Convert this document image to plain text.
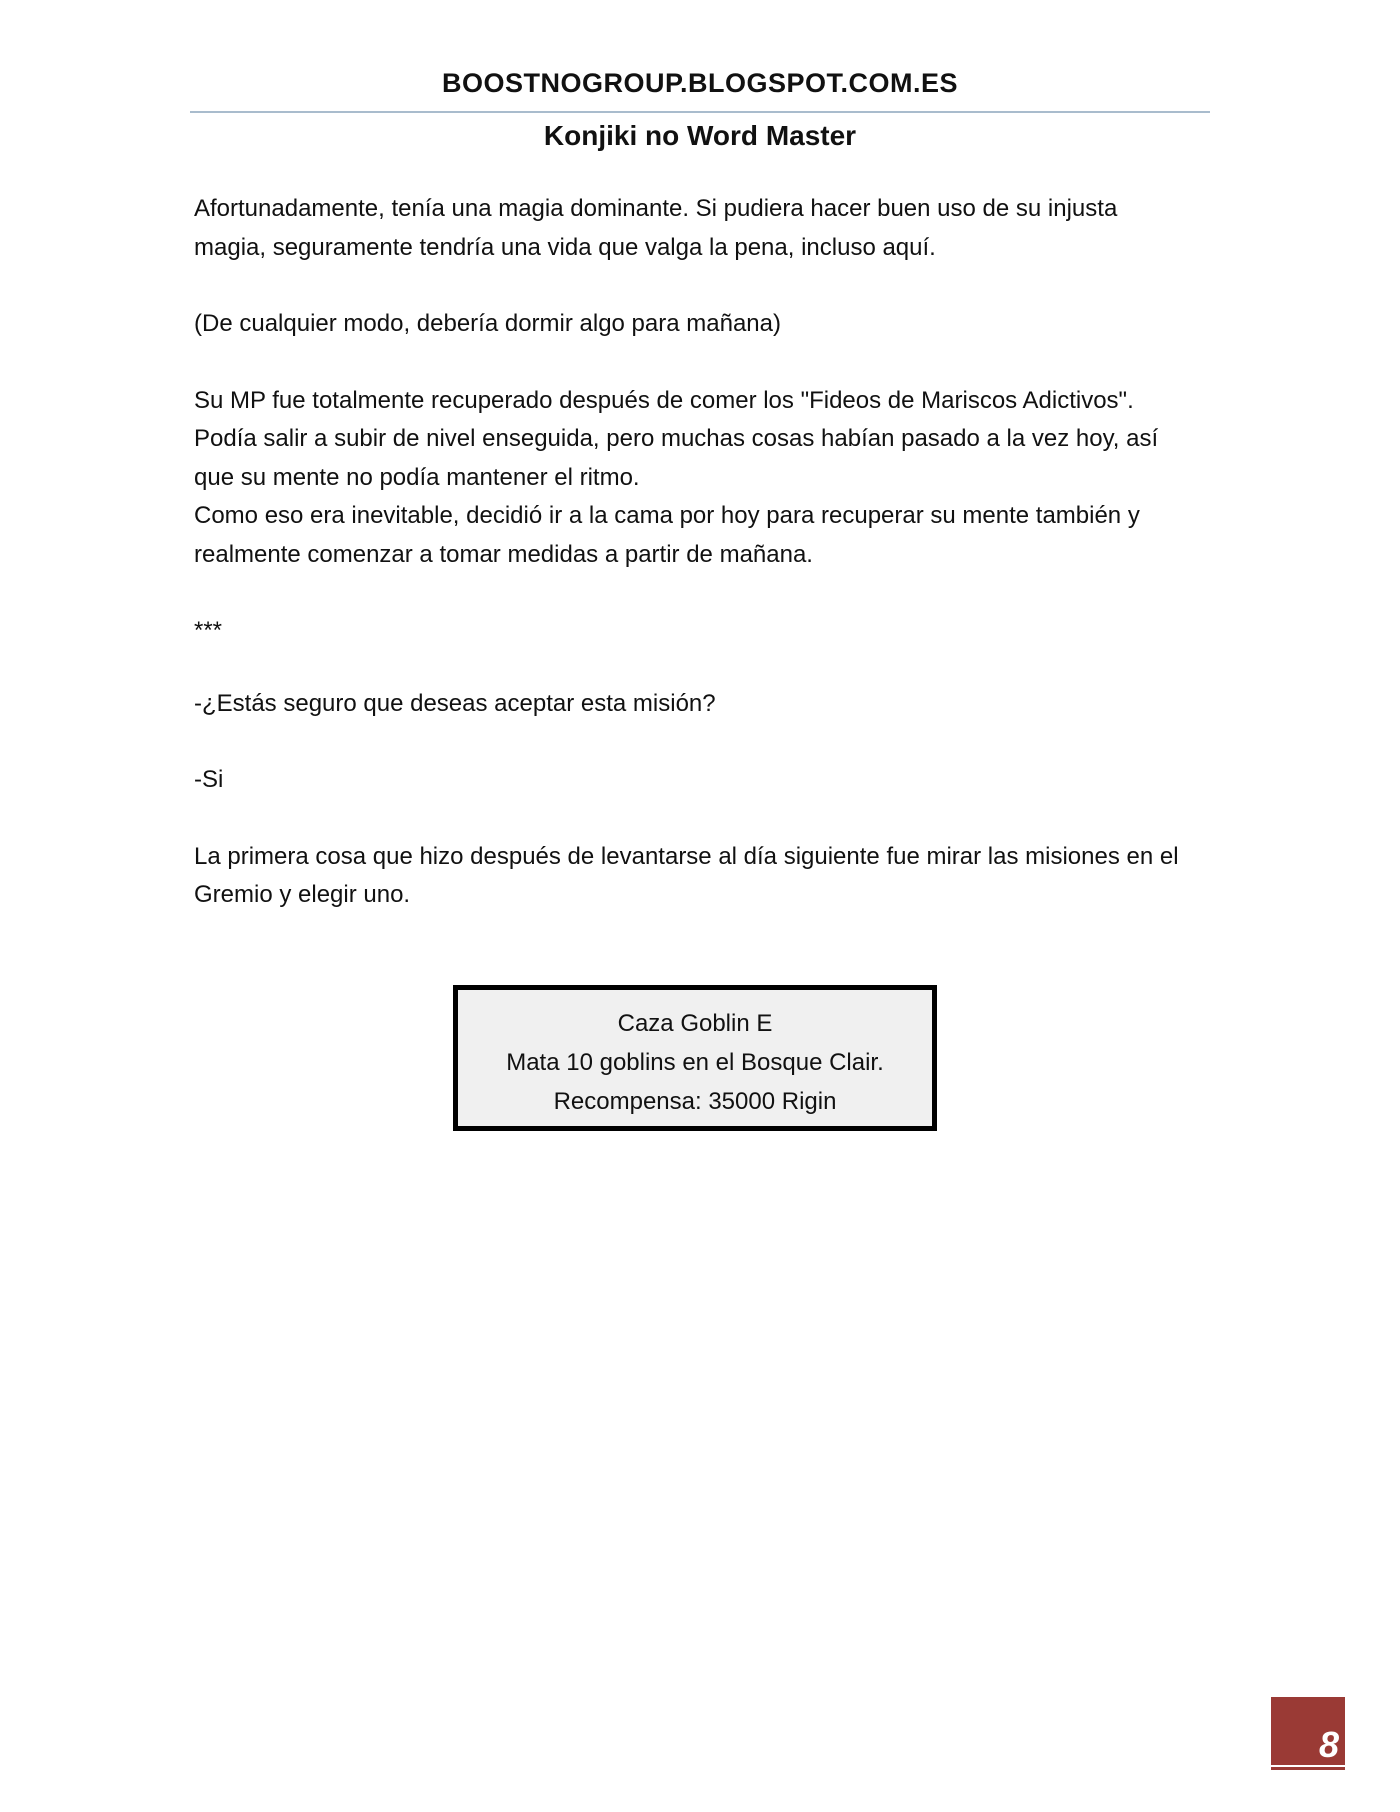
BOOSTNOGROUP.BLOGSPOT.COM.ES
Konjiki no Word Master

Afortunadamente, tenía una magia dominante. Si pudiera hacer buen uso de su injusta magia, seguramente tendría una vida que valga la pena, incluso aquí.

(De cualquier modo, debería dormir algo para mañana)

Su MP fue totalmente recuperado después de comer los "Fideos de Mariscos Adictivos". Podía salir a subir de nivel enseguida, pero muchas cosas habían pasado a la vez hoy, así que su mente no podía mantener el ritmo.

Como eso era inevitable, decidió ir a la cama por hoy para recuperar su mente también y realmente comenzar a tomar medidas a partir de mañana.

***

-¿Estás seguro que deseas aceptar esta misión?

-Si

La primera cosa que hizo después de levantarse al día siguiente fue mirar las misiones en el Gremio y elegir uno.

Caza Goblin E
Mata 10 goblins en el Bosque Clair.
Recompensa: 35000 Rigin
8
